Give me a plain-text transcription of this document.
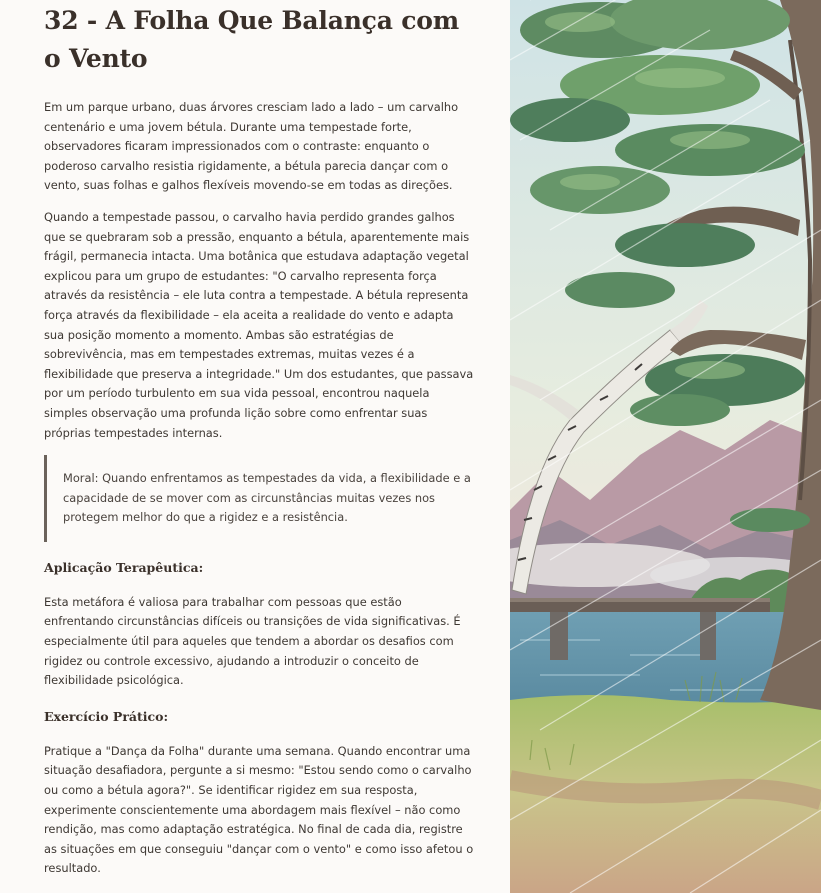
32 - A Folha Que Balança com o Vento

Em um parque urbano, duas árvores cresciam lado a lado – um carvalho centenário e uma jovem bétula. Durante uma tempestade forte, observadores ficaram impressionados com o contraste: enquanto o poderoso carvalho resistia rigidamente, a bétula parecia dançar com o vento, suas folhas e galhos flexíveis movendo-se em todas as direções.

Quando a tempestade passou, o carvalho havia perdido grandes galhos que se quebraram sob a pressão, enquanto a bétula, aparentemente mais frágil, permanecia intacta. Uma botânica que estudava adaptação vegetal explicou para um grupo de estudantes: "O carvalho representa força através da resistência – ele luta contra a tempestade. A bétula representa força através da flexibilidade – ela aceita a realidade do vento e adapta sua posição momento a momento. Ambas são estratégias de sobrevivência, mas em tempestades extremas, muitas vezes é a flexibilidade que preserva a integridade." Um dos estudantes, que passava por um período turbulento em sua vida pessoal, encontrou naquela simples observação uma profunda lição sobre como enfrentar suas próprias tempestades internas.

Moral: Quando enfrentamos as tempestades da vida, a flexibilidade e a capacidade de se mover com as circunstâncias muitas vezes nos protegem melhor do que a rigidez e a resistência.

Aplicação Terapêutica:

Esta metáfora é valiosa para trabalhar com pessoas que estão enfrentando circunstâncias difíceis ou transições de vida significativas. É especialmente útil para aqueles que tendem a abordar os desafios com rigidez ou controle excessivo, ajudando a introduzir o conceito de flexibilidade psicológica.

Exercício Prático:

Pratique a "Dança da Folha" durante uma semana. Quando encontrar uma situação desafiadora, pergunte a si mesmo: "Estou sendo como o carvalho ou como a bétula agora?". Se identificar rigidez em sua resposta, experimente conscientemente uma abordagem mais flexível – não como rendição, mas como adaptação estratégica. No final de cada dia, registre as situações em que conseguiu "dançar com o vento" e como isso afetou o resultado.
